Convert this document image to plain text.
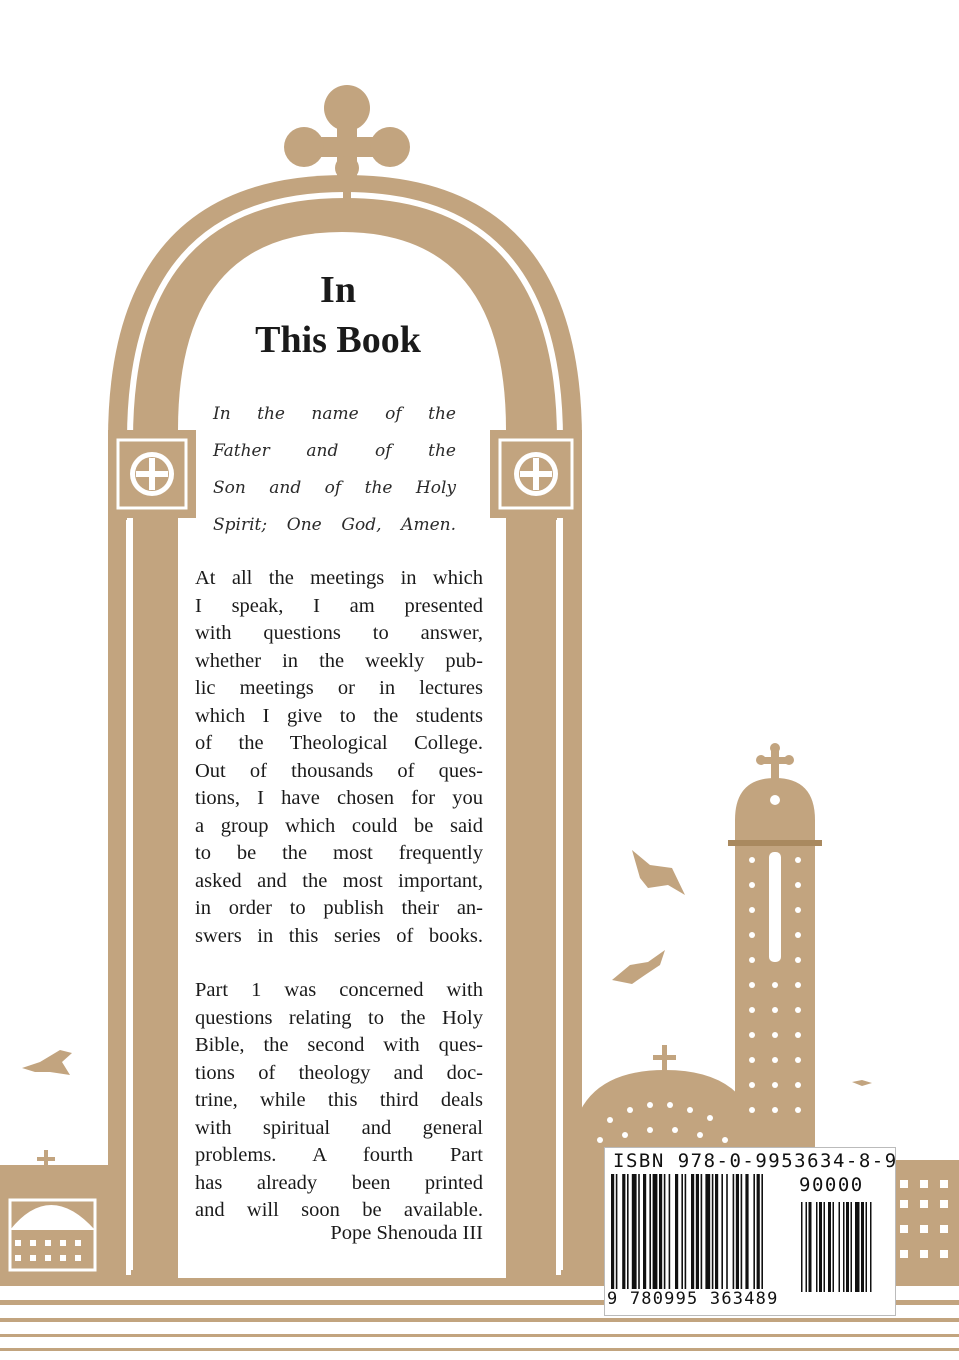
In
This Book
In the name of the
Father and of the
Son and of the Holy
Spirit; One God, Amen.
At all the meetings in which
I speak, I am presented
with questions to answer,
whether in the weekly pub-
lic meetings or in lectures
which I give to the students
of the Theological College.
Out of thousands of ques-
tions, I have chosen for you
a group which could be said
to be the most frequently
asked and the most important,
in order to publish their an-
swers in this series of books.
Part 1 was concerned with
questions relating to the Holy
Bible, the second with ques-
tions of theology and doc-
trine, while this third deals
with spiritual and general
problems. A fourth Part
has already been printed
and will soon be available.
Pope Shenouda III
ISBN 978-0-9953634-8-9
90000
9 780995 363489
